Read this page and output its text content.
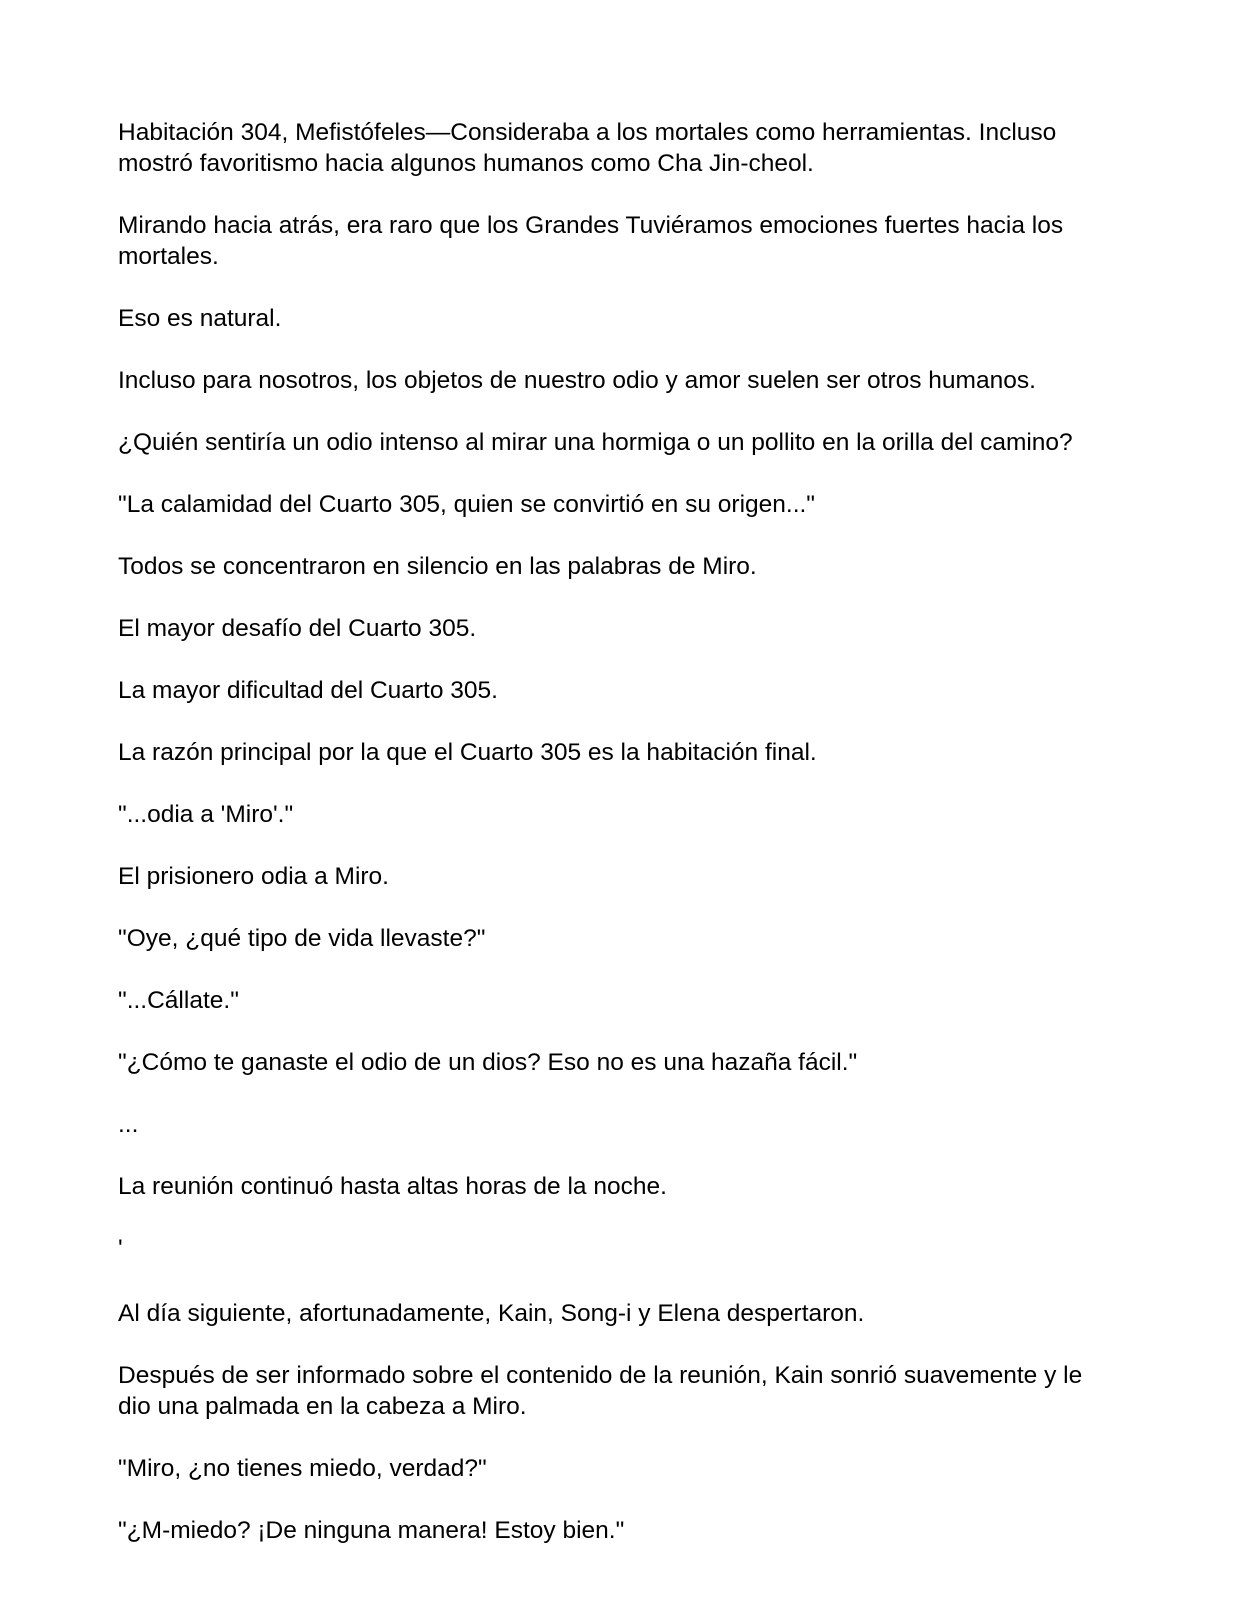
Habitación 304, Mefistófeles—Consideraba a los mortales como herramientas. Incluso mostró favoritismo hacia algunos humanos como Cha Jin-cheol.

Mirando hacia atrás, era raro que los Grandes Tuviéramos emociones fuertes hacia los mortales.

Eso es natural.

Incluso para nosotros, los objetos de nuestro odio y amor suelen ser otros humanos.

¿Quién sentiría un odio intenso al mirar una hormiga o un pollito en la orilla del camino?

"La calamidad del Cuarto 305, quien se convirtió en su origen..."

Todos se concentraron en silencio en las palabras de Miro.

El mayor desafío del Cuarto 305.

La mayor dificultad del Cuarto 305.

La razón principal por la que el Cuarto 305 es la habitación final.

"...odia a 'Miro'."

El prisionero odia a Miro.

"Oye, ¿qué tipo de vida llevaste?"

"...Cállate."

"¿Cómo te ganaste el odio de un dios? Eso no es una hazaña fácil."

...

La reunión continuó hasta altas horas de la noche.

'

Al día siguiente, afortunadamente, Kain, Song-i y Elena despertaron.

Después de ser informado sobre el contenido de la reunión, Kain sonrió suavemente y le dio una palmada en la cabeza a Miro.

"Miro, ¿no tienes miedo, verdad?"

"¿M-miedo? ¡De ninguna manera! Estoy bien."
